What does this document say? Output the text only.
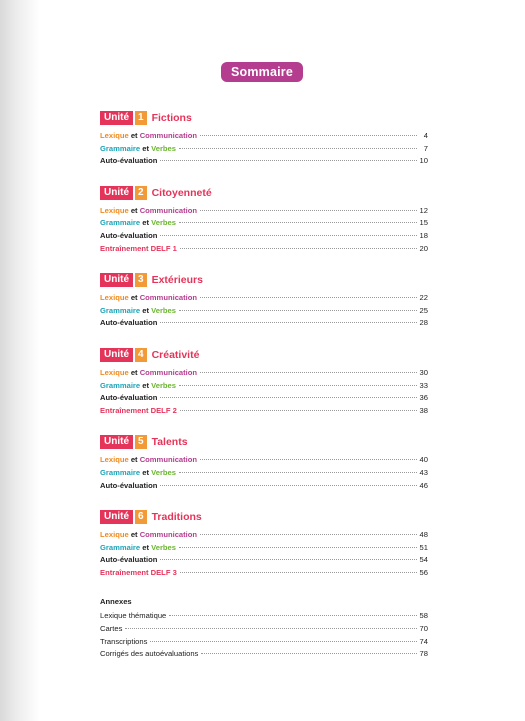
Sommaire
Unité 1 Fictions
Lexique et Communication	4
Grammaire et Verbes	7
Auto-évaluation	10
Unité 2 Citoyenneté
Lexique et Communication	12
Grammaire et Verbes	15
Auto-évaluation	18
Entraînement DELF 1	20
Unité 3 Extérieurs
Lexique et Communication	22
Grammaire et Verbes	25
Auto-évaluation	28
Unité 4 Créativité
Lexique et Communication	30
Grammaire et Verbes	33
Auto-évaluation	36
Entraînement DELF 2	38
Unité 5 Talents
Lexique et Communication	40
Grammaire et Verbes	43
Auto-évaluation	46
Unité 6 Traditions
Lexique et Communication	48
Grammaire et Verbes	51
Auto-évaluation	54
Entraînement DELF 3	56
Annexes
Lexique thématique	58
Cartes	70
Transcriptions	74
Corrigés des autoévaluations	78
